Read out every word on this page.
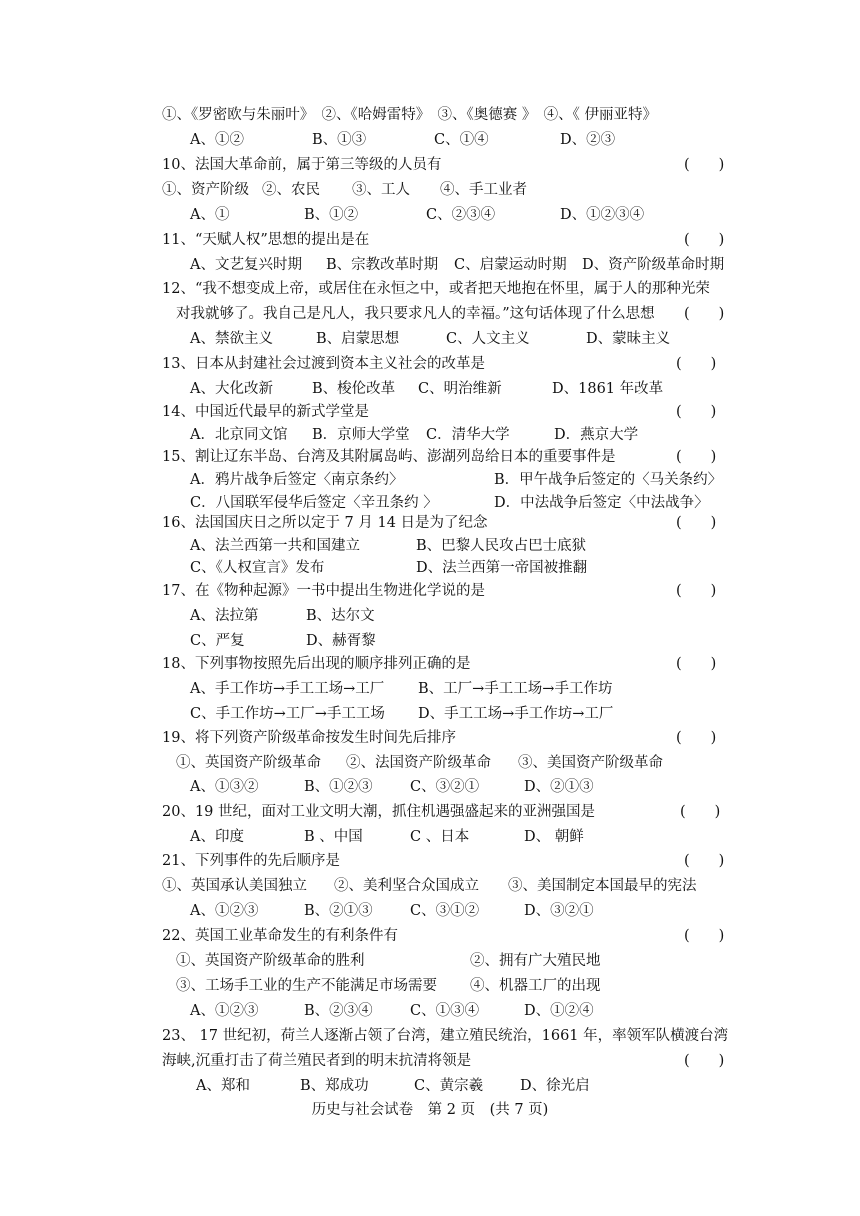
①、《罗密欧与朱丽叶》　②、《哈姆雷特》　③、《奥德赛 》　④、《 伊丽亚特》
A、①②	B、①③	C、①④	D、②③
10、法国大革命前，属于第三等级的人员有	(　　)
①、资产阶级 ②、农民 ③、工人 ④、手工业者
A、①	B、①②	C、②③④	D、①②③④
11、“天赋人权”思想的提出是在	(　　)
A、文艺复兴时期 B、宗教改革时期 C、启蒙运动时期 D、资产阶级革命时期
12、“我不想变成上帝，或居住在永恒之中，或者把天地抱在怀里，属于人的那种光荣
对我就够了。我自己是凡人，我只要求凡人的幸福。”这句话体现了什么思想 (　　)
A、禁欲主义	B、启蒙思想	C、人文主义	D、蒙昧主义
13、日本从封建社会过渡到资本主义社会的改革是	(　　)
A、大化改新	B、梭伦改革 C、明治维新	D、1861 年改革
14、中国近代最早的新式学堂是	(　　)
A．北京同文馆 B．京师大学堂 C．清华大学	D．燕京大学
15、割让辽东半岛、台湾及其附属岛屿、澎湖列岛给日本的重要事件是	(　　)
A．鸦片战争后签定〈南京条约〉	B．甲午战争后签定的〈马关条约〉
C．八国联军侵华后签定〈辛丑条约 〉	D．中法战争后签定〈中法战争〉
16、法国国庆日之所以定于 7 月 14 日是为了纪念	(　　)
A、法兰西第一共和国建立	B、巴黎人民攻占巴士底狱
C、《人权宣言》发布	D、法兰西第一帝国被推翻
17、在《物种起源》一书中提出生物进化学说的是	(　　)
A、法拉第	B、达尔文
C、严复	D、赫胥黎
18、下列事物按照先后出现的顺序排列正确的是	(　　)
A、手工作坊→手工工场→工厂 B、工厂→手工工场→手工作坊
C、手工作坊→工厂→手工工场 D、手工工场→手工作坊→工厂
19、将下列资产阶级革命按发生时间先后排序	(　　)
①、英国资产阶级革命 ②、法国资产阶级革命 ③、美国资产阶级革命
A、①③②	B、①②③	C、③②①	D、②①③
20、19 世纪，面对工业文明大潮，抓住机遇强盛起来的亚洲强国是	(　　)
A、印度	B 、中国	C 、日本	D、 朝鲜
21、下列事件的先后顺序是	(　　)
①、英国承认美国独立 ②、美利坚合众国成立 ③、美国制定本国最早的宪法
A、①②③	B、②①③	C、③①②	D、③②①
22、英国工业革命发生的有利条件有	(　　)
①、英国资产阶级革命的胜利	②、拥有广大殖民地
③、工场手工业的生产不能满足市场需要 ④、机器工厂的出现
A、①②③	B、②③④	C、①③④	D、①②④
23、 17 世纪初，荷兰人逐渐占领了台湾，建立殖民统治，1661 年，率领军队横渡台湾
海峡,沉重打击了荷兰殖民者到的明末抗清将领是	(　　)
A、郑和	B、郑成功	C、黄宗羲	D、徐光启
历史与社会试卷　第 2 页　(共 7 页)
